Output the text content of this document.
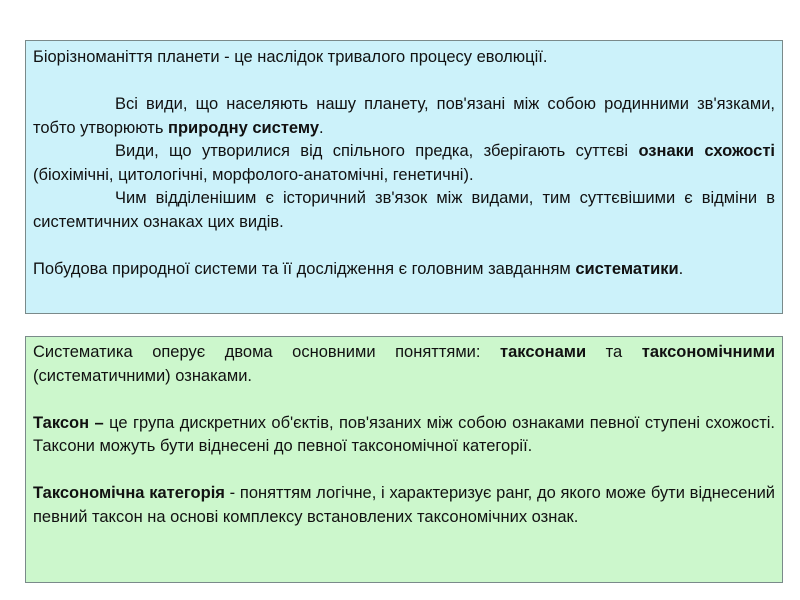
Біорізноманіття планети - це наслідок тривалого процесу еволюції.

Всі види, що населяють нашу планету, пов'язані між собою родинними зв'язками, тобто утворюють природну систему.

Види, що утворилися від спільного предка, зберігають суттєві ознаки схожості (біохімічні, цитологічні, морфолого-анатомічні, генетичні).

Чим відділенішим є історичний зв'язок між видами, тим суттєвішими є відміни в системтичних ознаках цих видів.

Побудова природної системи та її дослідження є головним завданням систематики.

Систематика оперує двома основними поняттями: таксонами та таксономічними (систематичними) ознаками.

Таксон – це група дискретних об'єктів, пов'язаних між собою ознаками певної ступені схожості. Таксони можуть бути віднесені до певної таксономічної категорії.

Таксономічна категорія - поняттям логічне, і характеризує ранг, до якого може бути віднесений певний таксон на основі комплексу встановлених таксономічних ознак.
